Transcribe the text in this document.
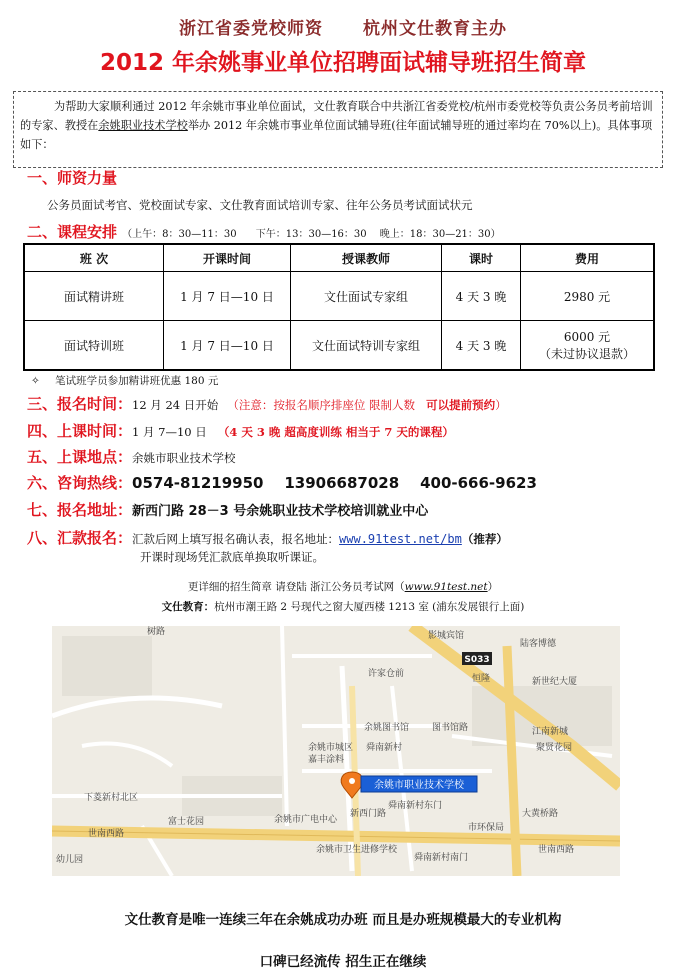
浙江省委党校师资 杭州文仕教育主办
2012 年余姚事业单位招聘面试辅导班招生简章

为帮助大家顺利通过 2012 年余姚市事业单位面试，文仕教育联合中共浙江省委党校/杭州市委党校等负责公务员考前培训的专家、教授在余姚职业技术学校举办 2012 年余姚市事业单位面试辅导班(往年面试辅导班的通过率均在 70%以上)。具体事项如下：

一、师资力量
公务员面试考官、党校面试专家、文仕教育面试培训专家、往年公务员考试面试状元
二、课程安排 （上午：8：30—11：30 下午：13：30—16：30 晚上：18：30—21：30）
班 次	开课时间	授课教师	课时	费用
面试精讲班	1 月 7 日—10 日	文仕面试专家组	4 天 3 晚	2980 元
面试特训班	1 月 7 日—10 日	文仕面试特训专家组	4 天 3 晚	6000 元
（未过协议退款）
✧ 笔试班学员参加精讲班优惠 180 元
三、报名时间：12 月 24 日开始 （注意：按报名顺序排座位 限制人数 可以提前预约）
四、上课时间：1 月 7—10 日 （4 天 3 晚 超高度训练 相当于 7 天的课程）
五、上课地点：余姚市职业技术学校
六、咨询热线：0574-81219950    13906687028    400-666-9623
七、报名地址：新西门路 28－3 号余姚职业技术学校培训就业中心
八、汇款报名：汇款后网上填写报名确认表，报名地址：www.91test.net/bm（推荐）
开课时现场凭汇款底单换取听课证。
更详细的招生简章 请登陆 浙江公务员考试网（www.91test.net）
文仕教育：杭州市潮王路 2 号现代之窗大厦西楼 1213 室 (浦东发展银行上面)
S033
余姚市职业技术学校
树路	影城宾馆
陆客博德
恒隆	新世纪大厦
许家仓前
余姚图书馆	图书馆路	江南新城
余姚市城区
嘉丰涂料
舜南新村	聚贤花园
下菱新村北区
富士花园	余姚市广电中心
舜南新村东门
市环保局
大黄桥路
世南西路
世南西路
余姚市卫生进修学校
舜南新村南门
幼儿园
新西门路
文仕教育是唯一连续三年在余姚成功办班 而且是办班规模最大的专业机构
口碑已经流传 招生正在继续
